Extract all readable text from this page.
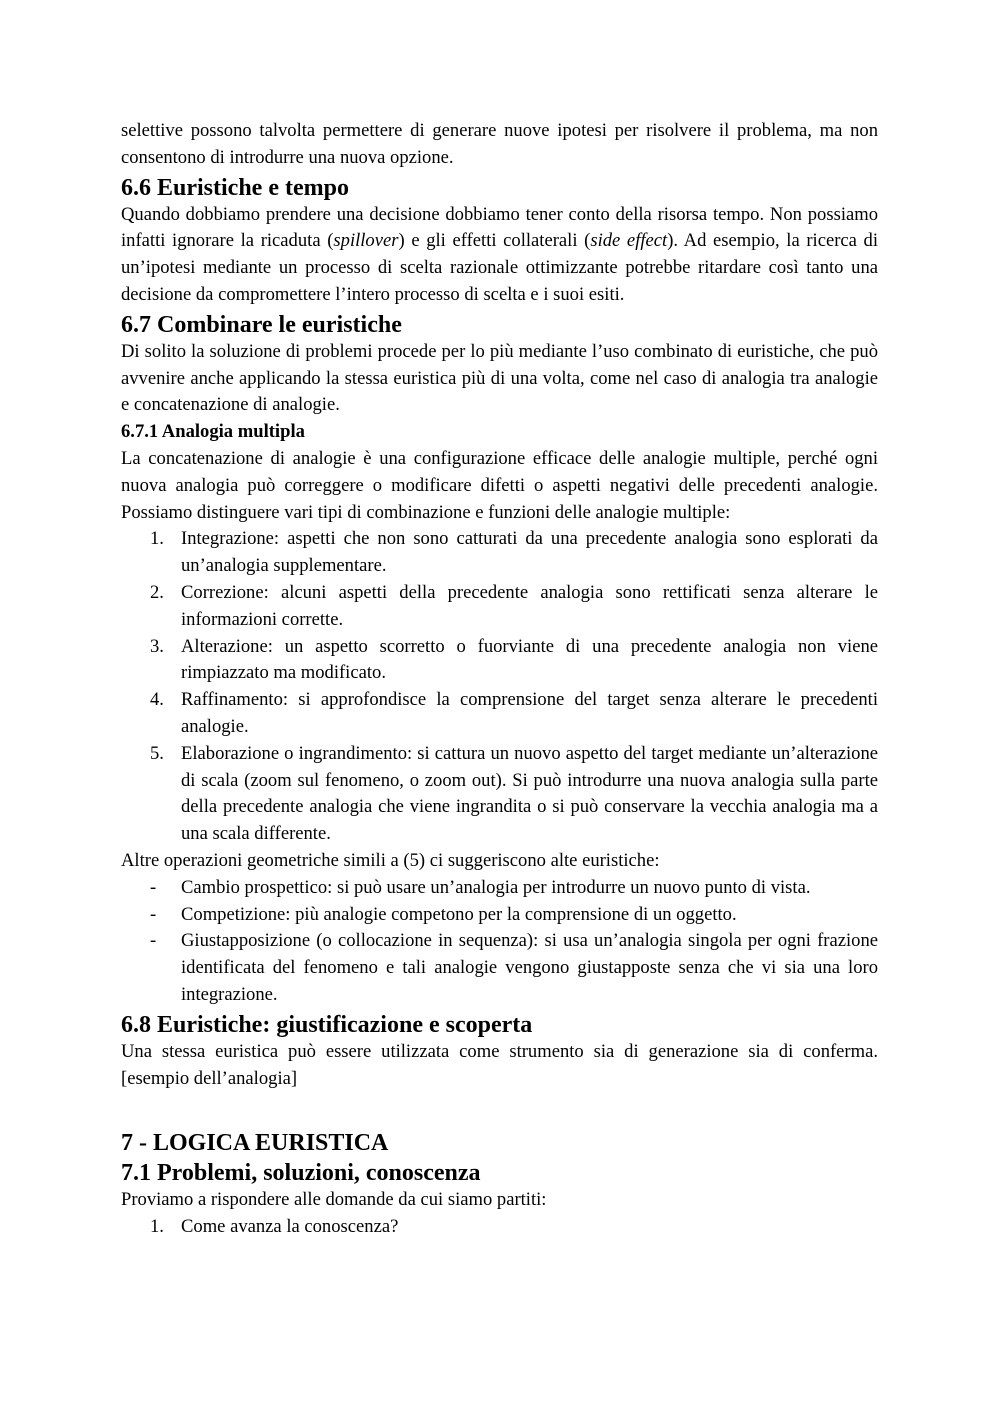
selettive possono talvolta permettere di generare nuove ipotesi per risolvere il problema, ma non consentono di introdurre una nuova opzione.

6.6 Euristiche e tempo

Quando dobbiamo prendere una decisione dobbiamo tener conto della risorsa tempo. Non possiamo infatti ignorare la ricaduta (spillover) e gli effetti collaterali (side effect). Ad esempio, la ricerca di un’ipotesi mediante un processo di scelta razionale ottimizzante potrebbe ritardare così tanto una decisione da compromettere l’intero processo di scelta e i suoi esiti.

6.7 Combinare le euristiche

Di solito la soluzione di problemi procede per lo più mediante l’uso combinato di euristiche, che può avvenire anche applicando la stessa euristica più di una volta, come nel caso di analogia tra analogie e concatenazione di analogie.

6.7.1 Analogia multipla

La concatenazione di analogie è una configurazione efficace delle analogie multiple, perché ogni nuova analogia può correggere o modificare difetti o aspetti negativi delle precedenti analogie. Possiamo distinguere vari tipi di combinazione e funzioni delle analogie multiple:

1. Integrazione: aspetti che non sono catturati da una precedente analogia sono esplorati da un’analogia supplementare.
2. Correzione: alcuni aspetti della precedente analogia sono rettificati senza alterare le informazioni corrette.
3. Alterazione: un aspetto scorretto o fuorviante di una precedente analogia non viene rimpiazzato ma modificato.
4. Raffinamento: si approfondisce la comprensione del target senza alterare le precedenti analogie.
5. Elaborazione o ingrandimento: si cattura un nuovo aspetto del target mediante un’alterazione di scala (zoom sul fenomeno, o zoom out). Si può introdurre una nuova analogia sulla parte della precedente analogia che viene ingrandita o si può conservare la vecchia analogia ma a una scala differente.

Altre operazioni geometriche simili a (5) ci suggeriscono alte euristiche:

- Cambio prospettico: si può usare un’analogia per introdurre un nuovo punto di vista.
- Competizione: più analogie competono per la comprensione di un oggetto.
- Giustapposizione (o collocazione in sequenza): si usa un’analogia singola per ogni frazione identificata del fenomeno e tali analogie vengono giustapposte senza che vi sia una loro integrazione.
6.8 Euristiche: giustificazione e scoperta

Una stessa euristica può essere utilizzata come strumento sia di generazione sia di conferma. [esempio dell’analogia]

7 - LOGICA EURISTICA
7.1 Problemi, soluzioni, conoscenza

Proviamo a rispondere alle domande da cui siamo partiti:

1. Come avanza la conoscenza?
